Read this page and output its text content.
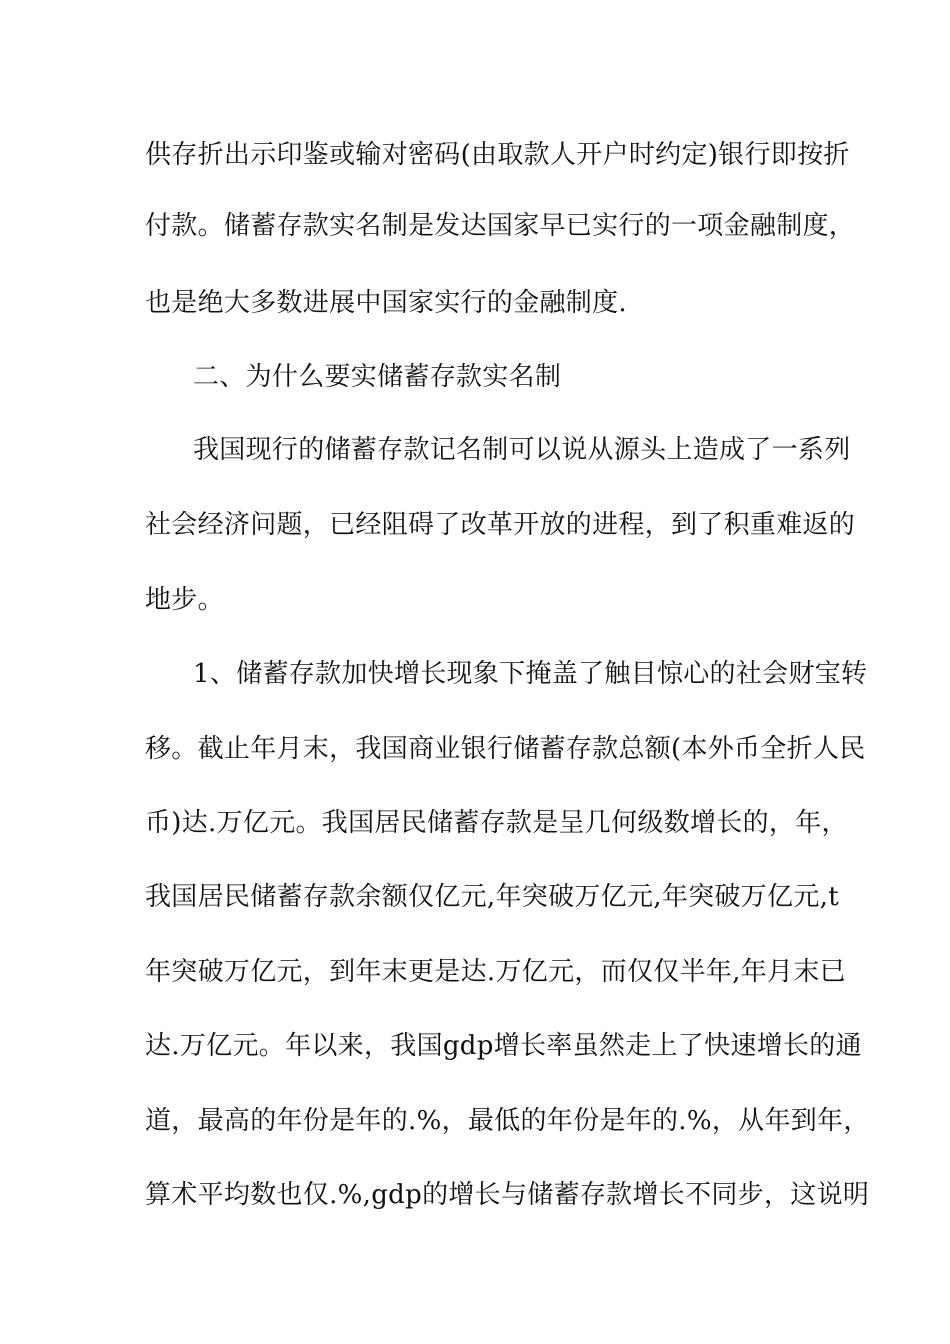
供存折出示印鉴或输对密码(由取款人开户时约定)银行即按折
付款。储蓄存款实名制是发达国家早已实行的一项金融制度，
也是绝大多数进展中国家实行的金融制度.
二、为什么要实储蓄存款实名制
我国现行的储蓄存款记名制可以说从源头上造成了一系列
社会经济问题，已经阻碍了改革开放的进程，到了积重难返的
地步。
1、储蓄存款加快增长现象下掩盖了触目惊心的社会财宝转
移。截止年月末，我国商业银行储蓄存款总额(本外币全折人民
币)达.万亿元。我国居民储蓄存款是呈几何级数增长的，年，
我国居民储蓄存款余额仅亿元,年突破万亿元,年突破万亿元,t
年突破万亿元，到年末更是达.万亿元，而仅仅半年,年月末已
达.万亿元。年以来，我国gdp增长率虽然走上了快速增长的通
道，最高的年份是年的.%，最低的年份是年的.%，从年到年，
算术平均数也仅.%,gdp的增长与储蓄存款增长不同步，这说明
